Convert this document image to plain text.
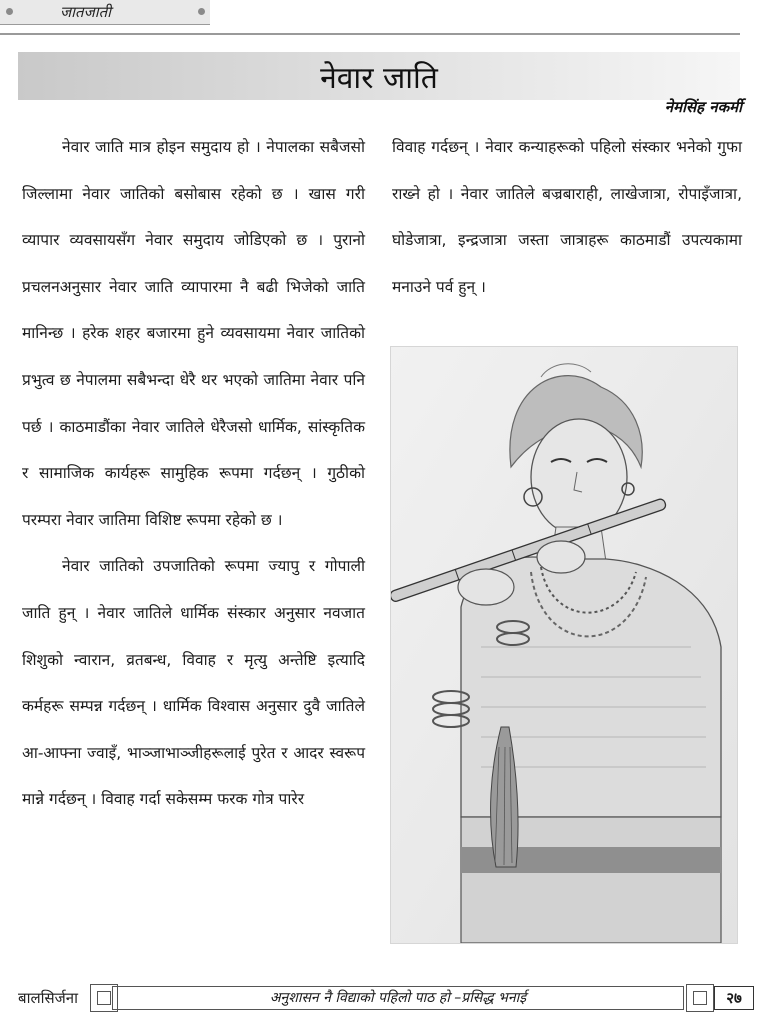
जातजाती
नेवार जाति
नेमसिंह नकर्मी

नेवार जाति मात्र होइन समुदाय हो । नेपालका सबैजसो जिल्लामा नेवार जातिको बसोबास रहेको छ । खास गरी व्यापार व्यवसायसँग नेवार समुदाय जोडिएको छ । पुरानो प्रचलनअनुसार नेवार जाति व्यापारमा नै बढी भिजेको जाति मानिन्छ । हरेक शहर बजारमा हुने व्यवसायमा नेवार जातिको प्रभुत्व छ नेपालमा सबैभन्दा धेरै थर भएको जातिमा नेवार पनि पर्छ । काठमाडौंका नेवार जातिले धेरैजसो धार्मिक, सांस्कृतिक र सामाजिक कार्यहरू सामुहिक रूपमा गर्दछन् । गुठीको परम्परा नेवार जातिमा विशिष्ट रूपमा रहेको छ ।

नेवार जातिको उपजातिको रूपमा ज्यापु र गोपाली जाति हुन् । नेवार जातिले धार्मिक संस्कार अनुसार नवजात शिशुको न्वारान, व्रतबन्ध, विवाह र मृत्यु अन्तेष्टि इत्यादि कर्महरू सम्पन्न गर्दछन् । धार्मिक विश्वास अनुसार दुवै जातिले आ-आफ्ना ज्वाइँ, भाञ्जाभाञ्जीहरूलाई पुरेत र आदर स्वरूप मान्ने गर्दछन् । विवाह गर्दा सकेसम्म फरक गोत्र पारेर

विवाह गर्दछन् । नेवार कन्याहरूको पहिलो संस्कार भनेको गुफा राख्ने हो । नेवार जातिले बज्रबाराही, लाखेजात्रा, रोपाइँजात्रा, घोडेजात्रा, इन्द्रजात्रा जस्ता जात्राहरू काठमाडौं उपत्यकामा मनाउने पर्व हुन् ।

बालसिर्जना	अनुशासन नै विद्याको पहिलो पाठ हो –प्रसिद्ध भनाई	२७
